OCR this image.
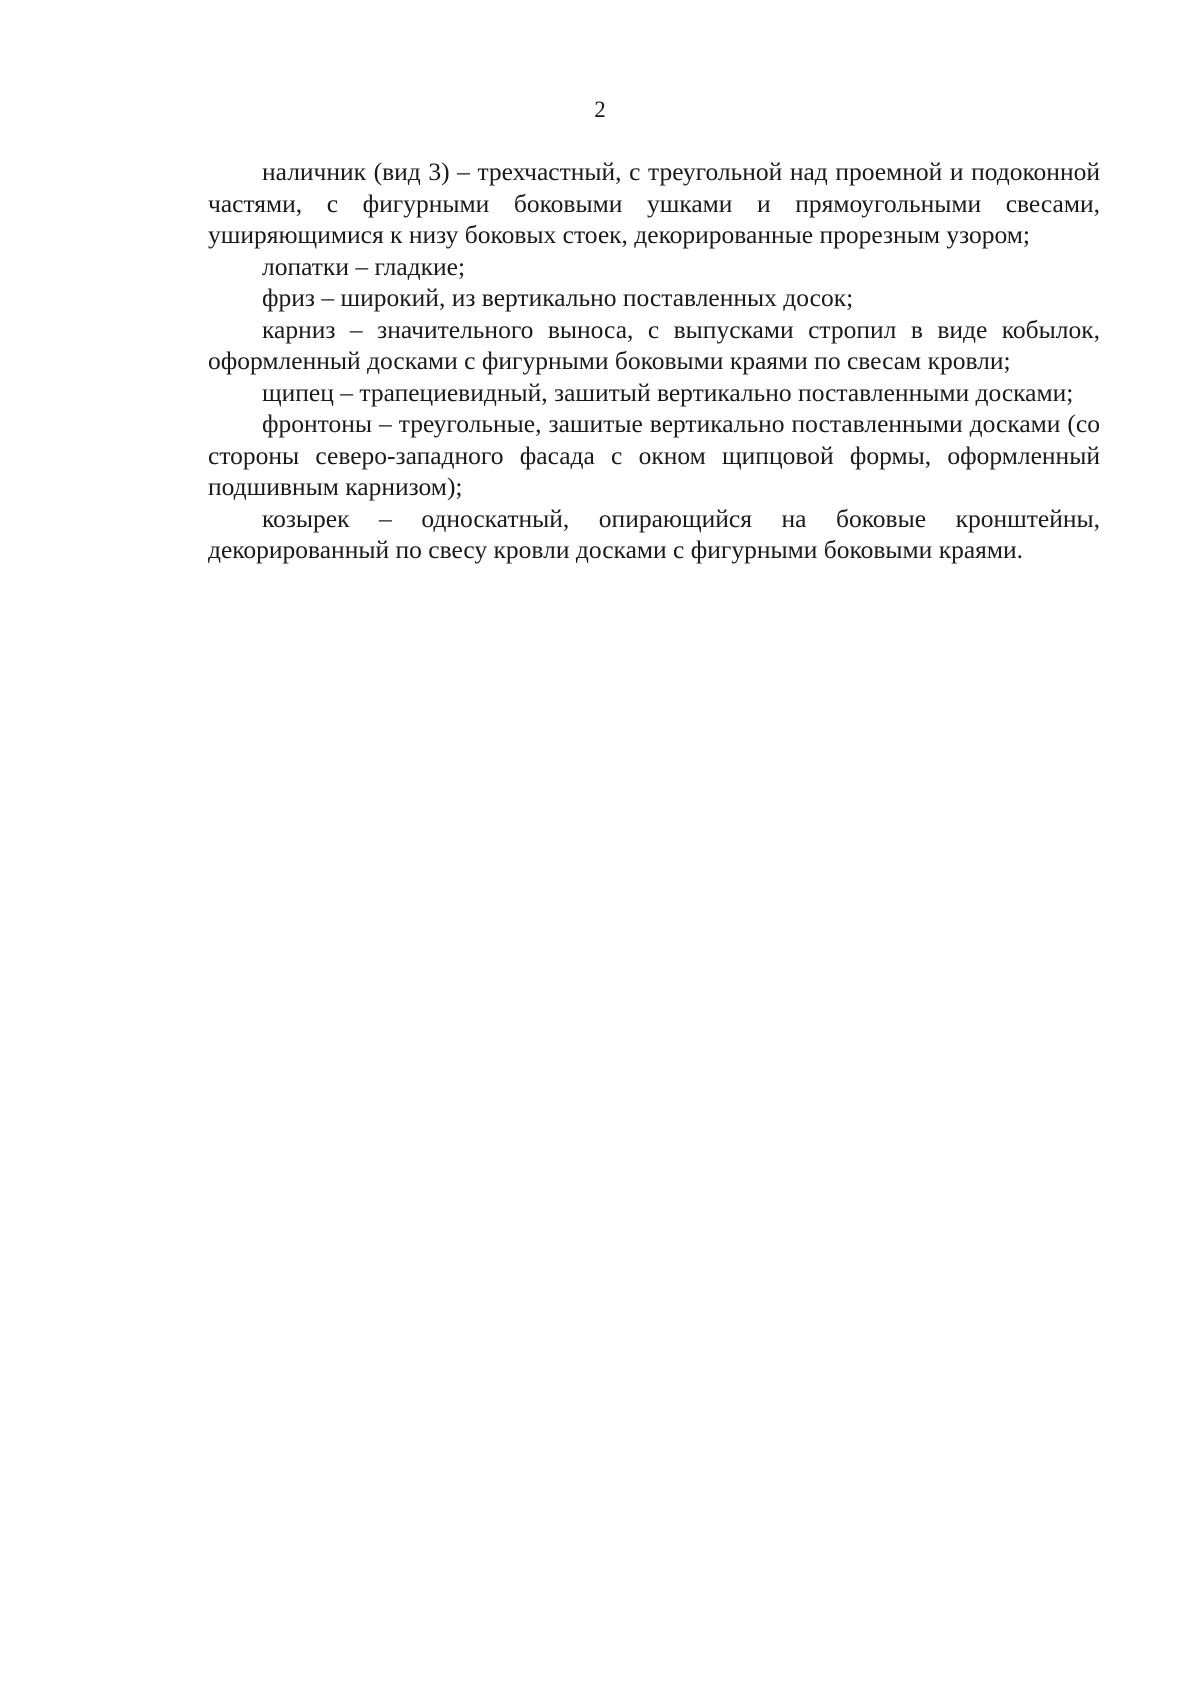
2

наличник (вид 3) – трехчастный, с треугольной над проемной и подоконной частями, с фигурными боковыми ушками и прямоугольными свесами, уширяющимися к низу боковых стоек, декорированные прорезным узором;

лопатки – гладкие;

фриз – широкий, из вертикально поставленных досок;

карниз – значительного выноса, с выпусками стропил в виде кобылок, оформленный досками с фигурными боковыми краями по свесам кровли;

щипец – трапециевидный, зашитый вертикально поставленными досками;

фронтоны – треугольные, зашитые вертикально поставленными досками (со стороны северо-западного фасада с окном щипцовой формы, оформленный подшивным карнизом);

козырек – односкатный, опирающийся на боковые кронштейны, декорированный по свесу кровли досками с фигурными боковыми краями.
